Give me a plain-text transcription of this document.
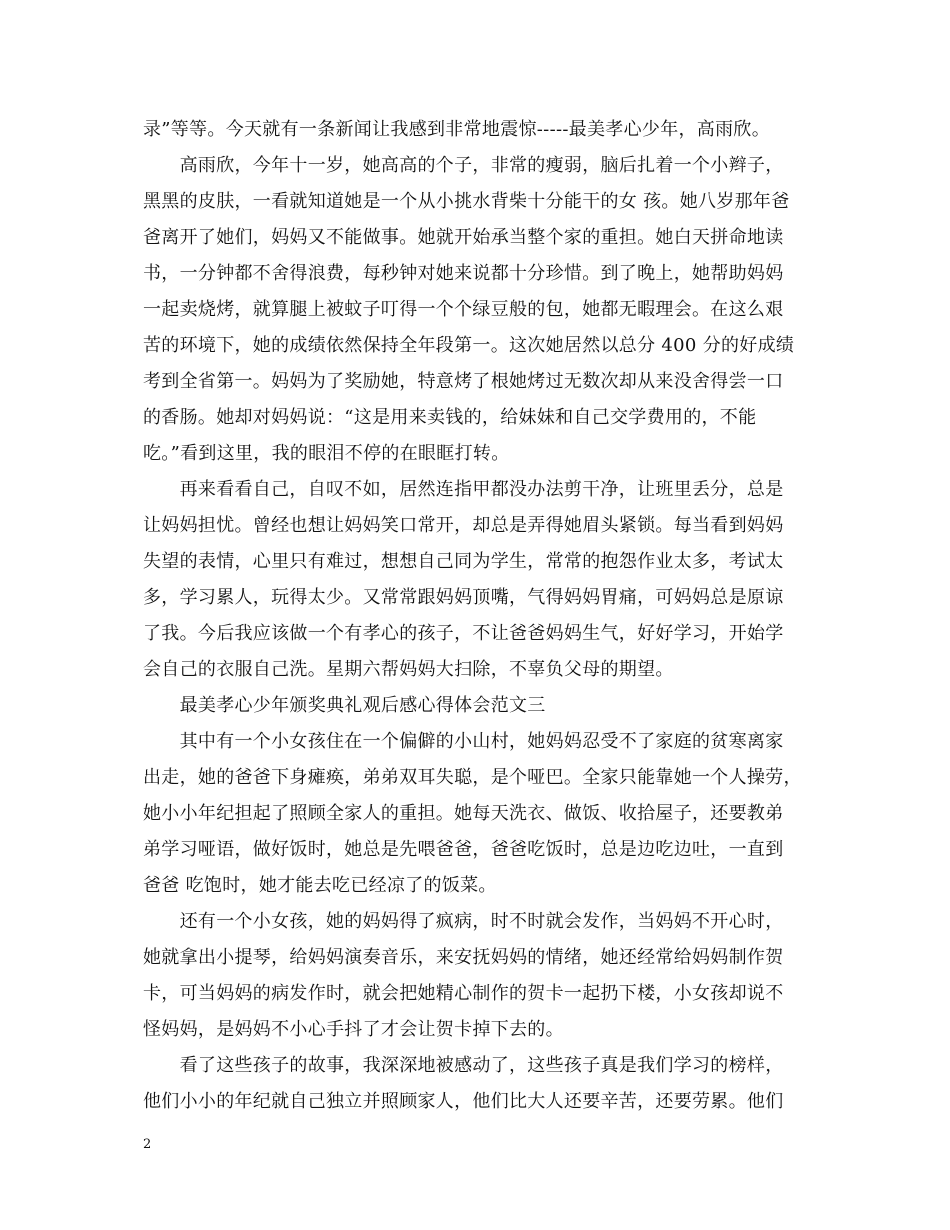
录”等等。今天就有一条新闻让我感到非常地震惊-----最美孝心少年，高雨欣。
　　高雨欣，今年十一岁，她高高的个子，非常的瘦弱，脑后扎着一个小辫子，
黑黑的皮肤，一看就知道她是一个从小挑水背柴十分能干的女 孩。她八岁那年爸
爸离开了她们，妈妈又不能做事。她就开始承当整个家的重担。她白天拼命地读
书，一分钟都不舍得浪费，每秒钟对她来说都十分珍惜。到了晚上，她帮助妈妈
一起卖烧烤，就算腿上被蚊子叮得一个个绿豆般的包，她都无暇理会。在这么艰
苦的环境下，她的成绩依然保持全年段第一。这次她居然以总分 400 分的好成绩
考到全省第一。妈妈为了奖励她，特意烤了根她烤过无数次却从来没舍得尝一口
的香肠。她却对妈妈说：“这是用来卖钱的，给妹妹和自己交学费用的，不能
吃。”看到这里，我的眼泪不停的在眼眶打转。
　　再来看看自己，自叹不如，居然连指甲都没办法剪干净，让班里丢分，总是
让妈妈担忧。曾经也想让妈妈笑口常开，却总是弄得她眉头紧锁。每当看到妈妈
失望的表情，心里只有难过，想想自己同为学生，常常的抱怨作业太多，考试太
多，学习累人，玩得太少。又常常跟妈妈顶嘴，气得妈妈胃痛，可妈妈总是原谅
了我。今后我应该做一个有孝心的孩子，不让爸爸妈妈生气，好好学习，开始学
会自己的衣服自己洗。星期六帮妈妈大扫除，不辜负父母的期望。
　　最美孝心少年颁奖典礼观后感心得体会范文三
　　其中有一个小女孩住在一个偏僻的小山村，她妈妈忍受不了家庭的贫寒离家
出走，她的爸爸下身瘫痪，弟弟双耳失聪，是个哑巴。全家只能靠她一个人操劳，
她小小年纪担起了照顾全家人的重担。她每天洗衣、做饭、收拾屋子，还要教弟
弟学习哑语，做好饭时，她总是先喂爸爸，爸爸吃饭时，总是边吃边吐，一直到
爸爸 吃饱时，她才能去吃已经凉了的饭菜。
　　还有一个小女孩，她的妈妈得了疯病，时不时就会发作，当妈妈不开心时，
她就拿出小提琴，给妈妈演奏音乐，来安抚妈妈的情绪，她还经常给妈妈制作贺
卡，可当妈妈的病发作时，就会把她精心制作的贺卡一起扔下楼，小女孩却说不
怪妈妈，是妈妈不小心手抖了才会让贺卡掉下去的。
　　看了这些孩子的故事，我深深地被感动了，这些孩子真是我们学习的榜样，
他们小小的年纪就自己独立并照顾家人，他们比大人还要辛苦，还要劳累。他们
2
